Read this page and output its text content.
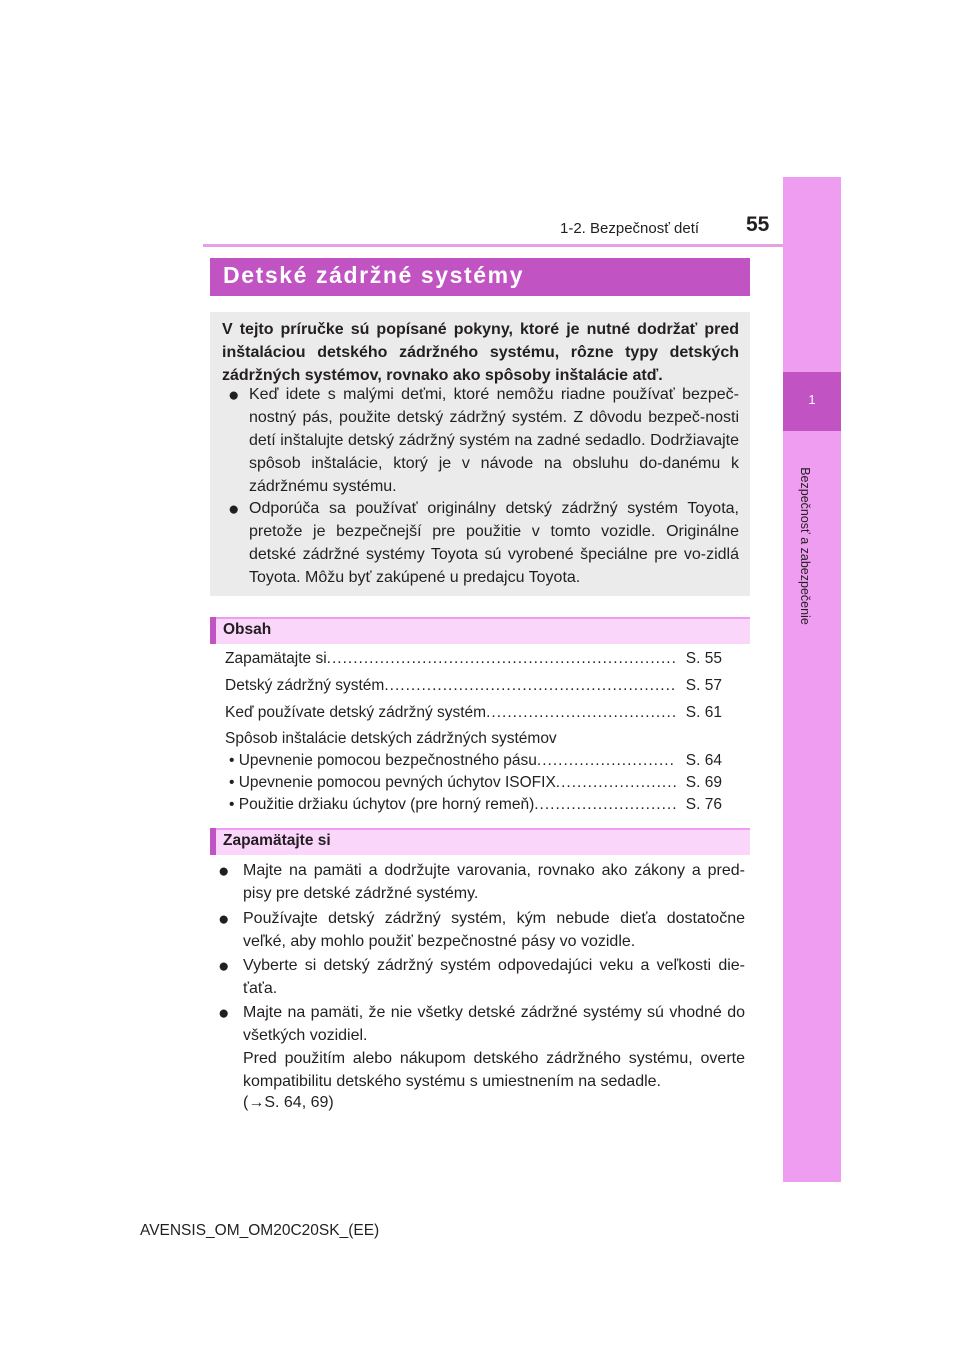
1-2. Bezpečnosť detí 55
1
Bezpečnosť a zabezpečenie
Detské zádržné systémy
V tejto príručke sú popísané pokyny, ktoré je nutné dodržať pred inštaláciou detského zádržného systému, rôzne typy detských zádržných systémov, rovnako ako spôsoby inštalácie atď.
● Keď idete s malými deťmi, ktoré nemôžu riadne používať bezpeč-nostný pás, použite detský zádržný systém. Z dôvodu bezpeč-nosti detí inštalujte detský zádržný systém na zadné sedadlo. Dodržiavajte spôsob inštalácie, ktorý je v návode na obsluhu do-danému k zádržnému systému.
● Odporúča sa používať originálny detský zádržný systém Toyota, pretože je bezpečnejší pre použitie v tomto vozidle. Originálne detské zádržné systémy Toyota sú vyrobené špeciálne pre vo-zidlá Toyota. Môžu byť zakúpené u predajcu Toyota.
Obsah
Zapamätajte si .....	S. 55
Detský zádržný systém .....	S. 57
Keď používate detský zádržný systém .....	S. 61
Spôsob inštalácie detských zádržných systémov
• Upevnenie pomocou bezpečnostného pásu .....	S. 64
• Upevnenie pomocou pevných úchytov ISOFIX .....	S. 69
• Použitie držiaku úchytov (pre horný remeň) .....	S. 76
Zapamätajte si
● Majte na pamäti a dodržujte varovania, rovnako ako zákony a pred-pisy pre detské zádržné systémy.
● Používajte detský zádržný systém, kým nebude dieťa dostatočne veľké, aby mohlo použiť bezpečnostné pásy vo vozidle.
● Vyberte si detský zádržný systém odpovedajúci veku a veľkosti die-ťaťa.
● Majte na pamäti, že nie všetky detské zádržné systémy sú vhodné do všetkých vozidiel.
Pred použitím alebo nákupom detského zádržného systému, overte kompatibilitu detského systému s umiestnením na sedadle.
(→S. 64, 69)
AVENSIS_OM_OM20C20SK_(EE)
